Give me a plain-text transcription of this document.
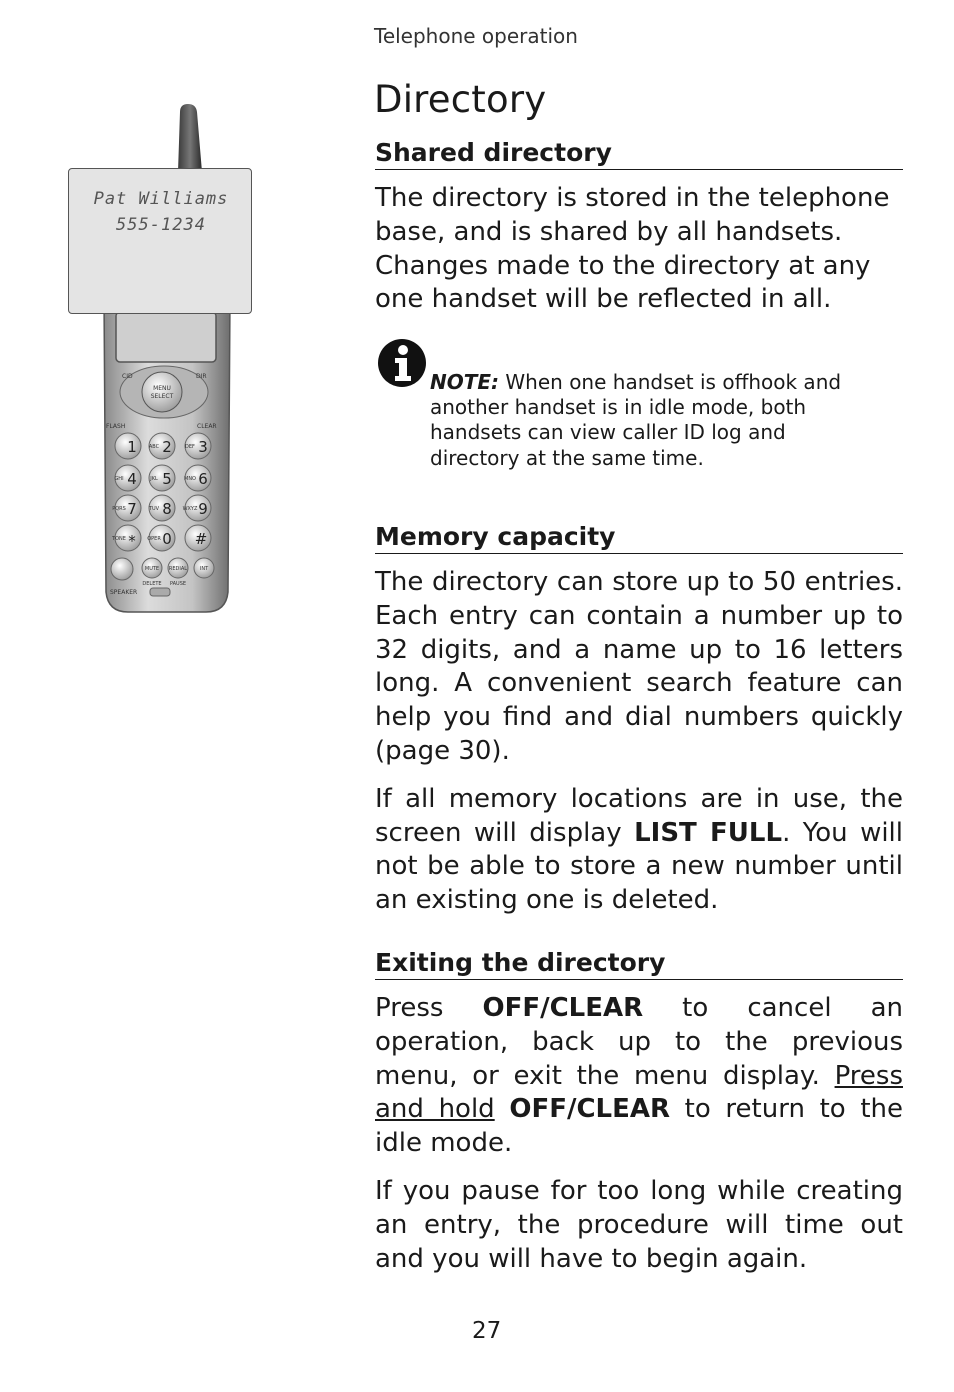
Telephone operation
Directory
MENU
SELECT
CID	DIR
FLASH	CLEAR
1 ABC 2	DEF 3
GHI 4	JKL 5 MNO 6
PQRS 7 TUV 8 WXYZ 9
TONE * OPER 0 #
MUTE REDIAL	INT
DELETE PAUSE
SPEAKER
Pat Williams
555-1234
Shared directory

The directory is stored in the telephone base, and is shared by all handsets. Changes made to the directory at any one handset will be reflected in all.

NOTE: When one handset is offhook and another handset is in idle mode, both handsets can view caller ID log and directory at the same time.
Memory capacity

The directory can store up to 50 entries. Each entry can contain a number up to 32 digits, and a name up to 16 letters long. A convenient search feature can help you find and dial numbers quickly (page 30).

If all memory locations are in use, the screen will display LIST FULL. You will not be able to store a new number until an existing one is deleted.

Exiting the directory

Press OFF/CLEAR to cancel an operation, back up to the previous menu, or exit the menu display. Press and hold OFF/CLEAR to return to the idle mode.

If you pause for too long while creating an entry, the procedure will time out and you will have to begin again.

27
